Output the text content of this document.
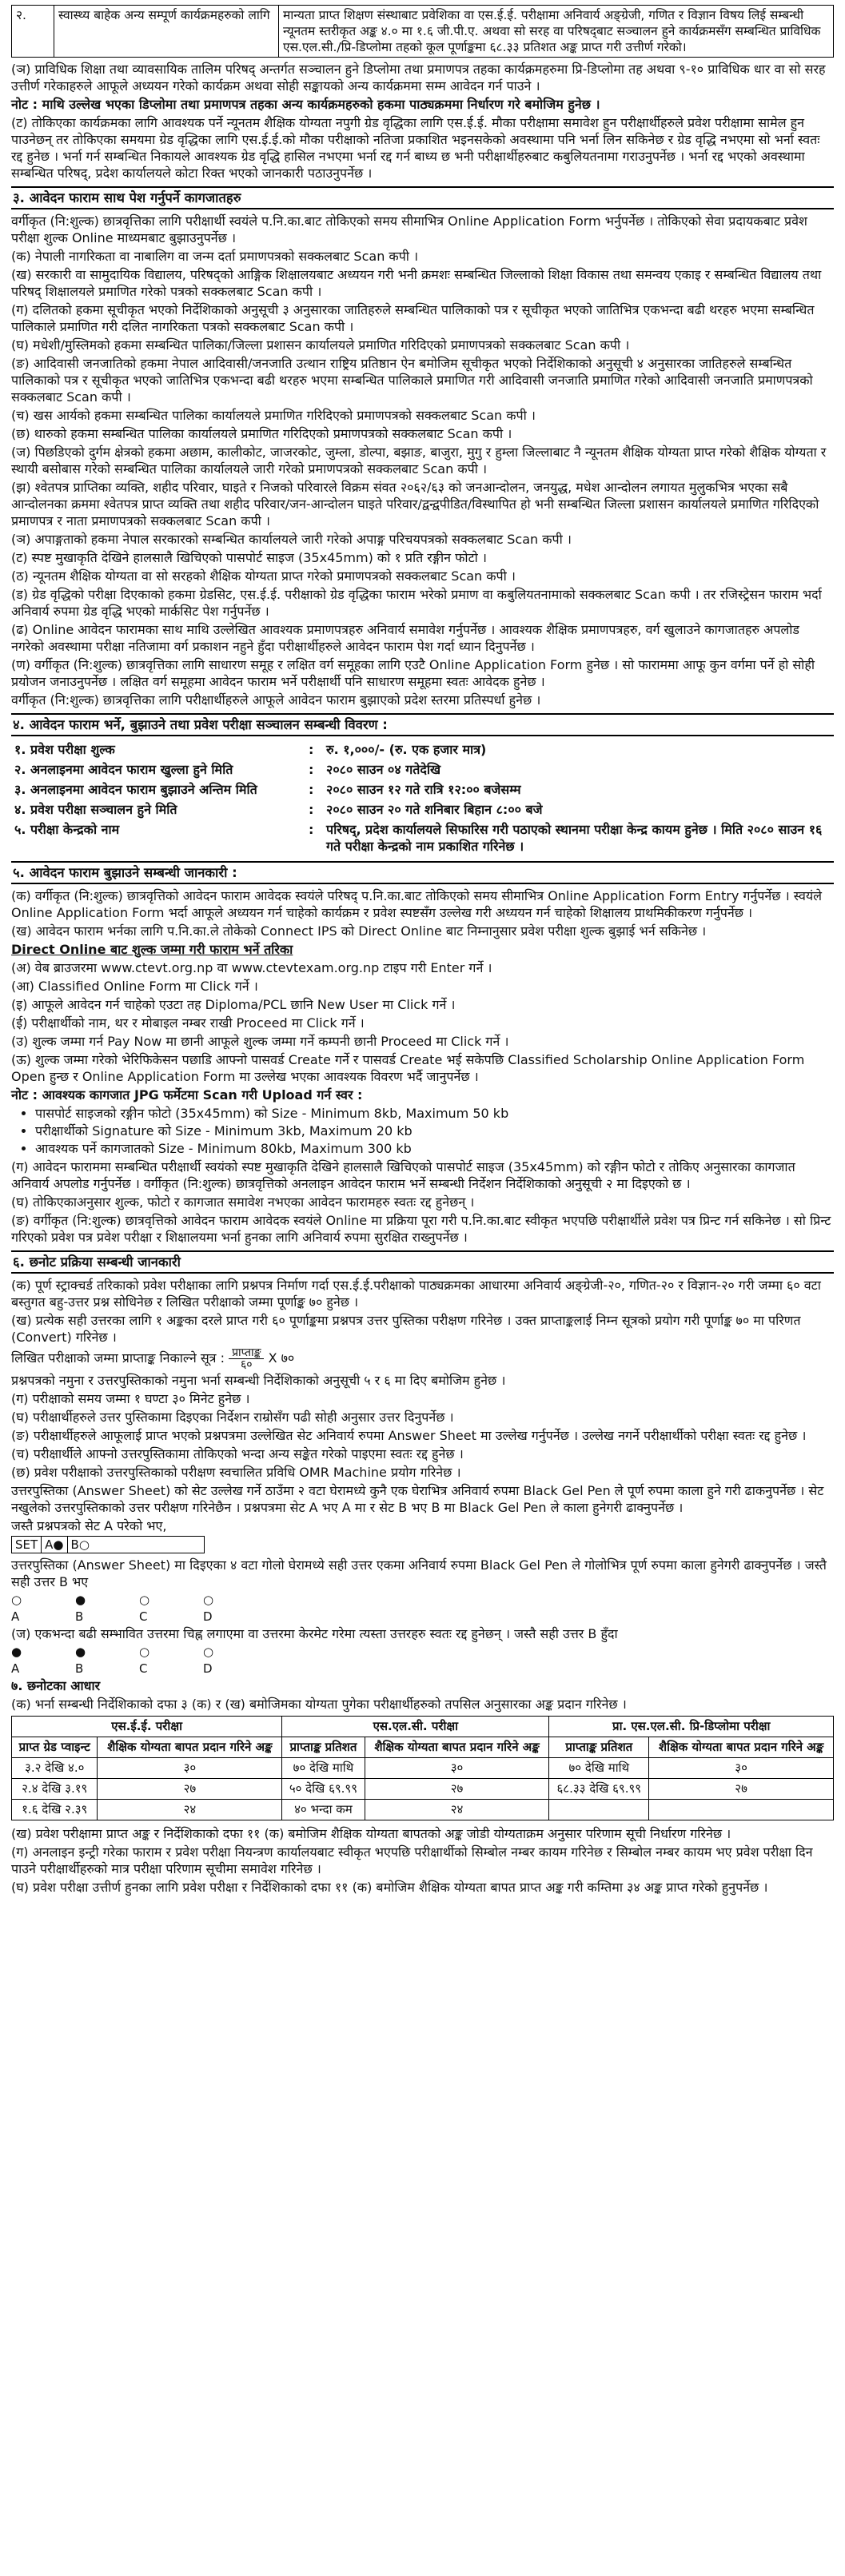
२.	स्वास्थ्य बाहेक अन्य सम्पूर्ण कार्यक्रमहरुको लागि	मान्यता प्राप्त शिक्षण संस्थाबाट प्रवेशिका वा एस.ई.ई. परीक्षामा अनिवार्य अङ्ग्रेजी, गणित र विज्ञान विषय लिई सम्बन्धी न्यूनतम स्तरीकृत अङ्क ४.० मा १.६ जी.पी.ए. अथवा सो सरह वा परिषद्‌बाट सञ्चालन हुने कार्यक्रमसँग सम्बन्धित प्राविधिक एस.एल.सी./प्रि-डिप्लोमा तहको कूल पूर्णाङ्कमा ६८.३३ प्रतिशत अङ्क प्राप्त गरी उत्तीर्ण गरेको।

(ञ) प्राविधिक शिक्षा तथा व्यावसायिक तालिम परिषद् अन्तर्गत सञ्चालन हुने डिप्लोमा तथा प्रमाणपत्र तहका कार्यक्रमहरुमा प्रि-डिप्लोमा तह अथवा ९-१० प्राविधिक धार वा सो सरह उत्तीर्ण गरेकाहरुले आफूले अध्ययन गरेको कार्यक्रम अथवा सोही सङ्कायको अन्य कार्यक्रममा सम्म आवेदन गर्न पाउने ।

नोट : माथि उल्लेख भएका डिप्लोमा तथा प्रमाणपत्र तहका अन्य कार्यक्रमहरुको हकमा पाठ्यक्रममा निर्धारण गरे बमोजिम हुनेछ ।

(ट) तोकिएका कार्यक्रमका लागि आवश्यक पर्ने न्यूनतम शैक्षिक योग्यता नपुगी ग्रेड वृद्धिका लागि एस.ई.ई. मौका परीक्षामा समावेश हुन परीक्षार्थीहरुले प्रवेश परीक्षामा सामेल हुन पाउनेछन् तर तोकिएका समयमा ग्रेड वृद्धिका लागि एस.ई.ई.को मौका परीक्षाको नतिजा प्रकाशित भइनसकेको अवस्थामा पनि भर्ना लिन सकिनेछ र ग्रेड वृद्धि नभएमा सो भर्ना स्वतः रद्द हुनेछ । भर्ना गर्न सम्बन्धित निकायले आवश्यक ग्रेड वृद्धि हासिल नभएमा भर्ना रद्द गर्न बाध्य छ भनी परीक्षार्थीहरुबाट कबुलियतनामा गराउनुपर्नेछ । भर्ना रद्द भएको अवस्थामा सम्बन्धित परिषद्, प्रदेश कार्यालयले कोटा रिक्त भएको जानकारी पठाउनुपर्नेछ ।

३. आवेदन फाराम साथ पेश गर्नुपर्ने कागजातहरु

वर्गीकृत (नि:शुल्क) छात्रवृत्तिका लागि परीक्षार्थी स्वयंले प.नि.का.बाट तोकिएको समय सीमाभित्र Online Application Form भर्नुपर्नेछ । तोकिएको सेवा प्रदायकबाट प्रवेश परीक्षा शुल्क Online माध्यमबाट बुझाउनुपर्नेछ ।

(क) नेपाली नागरिकता वा नाबालिग वा जन्म दर्ता प्रमाणपत्रको सक्कलबाट Scan कपी ।

(ख) सरकारी वा सामुदायिक विद्यालय, परिषद्को आङ्गिक शिक्षालयबाट अध्ययन गरी भनी क्रमशः सम्बन्धित जिल्लाको शिक्षा विकास तथा समन्वय एकाइ र सम्बन्धित विद्यालय तथा परिषद् शिक्षालयले प्रमाणित गरेको पत्रको सक्कलबाट Scan कपी ।

(ग) दलितको हकमा सूचीकृत भएको निर्देशिकाको अनुसूची ३ अनुसारका जातिहरुले सम्बन्धित पालिकाको पत्र र सूचीकृत भएको जातिभित्र एकभन्दा बढी थरहरु भएमा सम्बन्धित पालिकाले प्रमाणित गरी दलित नागरिकता पत्रको सक्कलबाट Scan कपी ।

(घ) मधेशी/मुस्लिमको हकमा सम्बन्धित पालिका/जिल्ला प्रशासन कार्यालयले प्रमाणित गरिदिएको प्रमाणपत्रको सक्कलबाट Scan कपी ।

(ङ) आदिवासी जनजातिको हकमा नेपाल आदिवासी/जनजाति उत्थान राष्ट्रिय प्रतिष्ठान ऐन बमोजिम सूचीकृत भएको निर्देशिकाको अनुसूची ४ अनुसारका जातिहरुले सम्बन्धित पालिकाको पत्र र सूचीकृत भएको जातिभित्र एकभन्दा बढी थरहरु भएमा सम्बन्धित पालिकाले प्रमाणित गरी आदिवासी जनजाति प्रमाणित गरेको आदिवासी जनजाति प्रमाणपत्रको सक्कलबाट Scan कपी ।

(च) खस आर्यको हकमा सम्बन्धित पालिका कार्यालयले प्रमाणित गरिदिएको प्रमाणपत्रको सक्कलबाट Scan कपी ।

(छ) थारुको हकमा सम्बन्धित पालिका कार्यालयले प्रमाणित गरिदिएको प्रमाणपत्रको सक्कलबाट Scan कपी ।

(ज) पिछडिएको दुर्गम क्षेत्रको हकमा अछाम, कालीकोट, जाजरकोट, जुम्ला, डोल्पा, बझाङ, बाजुरा, मुगु र हुम्ला जिल्लाबाट नै न्यूनतम शैक्षिक योग्यता प्राप्त गरेको शैक्षिक योग्यता र स्थायी बसोबास गरेको सम्बन्धित पालिका कार्यालयले जारी गरेको प्रमाणपत्रको सक्कलबाट Scan कपी ।

(झ) श्वेतपत्र प्राप्तिका व्यक्ति, शहीद परिवार, घाइते र निजको परिवारले विक्रम संवत २०६२/६३ को जनआन्दोलन, जनयुद्ध, मधेश आन्दोलन लगायत मुलुकभित्र भएका सबै आन्दोलनका क्रममा श्वेतपत्र प्राप्त व्यक्ति तथा शहीद परिवार/जन-आन्दोलन घाइते परिवार/द्वन्द्वपीडित/विस्थापित हो भनी सम्बन्धित जिल्ला प्रशासन कार्यालयले प्रमाणित गरिदिएको प्रमाणपत्र र नाता प्रमाणपत्रको सक्कलबाट Scan कपी ।

(ञ) अपाङ्गताको हकमा नेपाल सरकारको सम्बन्धित कार्यालयले जारी गरेको अपाङ्ग परिचयपत्रको सक्कलबाट Scan कपी ।

(ट) स्पष्ट मुखाकृति देखिने हालसालै खिचिएको पासपोर्ट साइज (35x45mm) को १ प्रति रङ्गीन फोटो ।

(ठ) न्यूनतम शैक्षिक योग्यता वा सो सरहको शैक्षिक योग्यता प्राप्त गरेको प्रमाणपत्रको सक्कलबाट Scan कपी ।

(ड) ग्रेड वृद्धिको परीक्षा दिएकाको हकमा ग्रेडसिट, एस.ई.ई. परीक्षाको ग्रेड वृद्धिका फाराम भरेको प्रमाण वा कबुलियतनामाको सक्कलबाट Scan कपी । तर रजिस्ट्रेसन फाराम भर्दा अनिवार्य रुपमा ग्रेड वृद्धि भएको मार्कसिट पेश गर्नुपर्नेछ ।

(ढ) Online आवेदन फारामका साथ माथि उल्लेखित आवश्यक प्रमाणपत्रहरु अनिवार्य समावेश गर्नुपर्नेछ । आवश्यक शैक्षिक प्रमाणपत्रहरु, वर्ग खुलाउने कागजातहरु अपलोड नगरेको अवस्थामा परीक्षा नतिजामा वर्ग प्रकाशन नहुने हुँदा परीक्षार्थीहरुले आवेदन फाराम पेश गर्दा ध्यान दिनुपर्नेछ ।

(ण) वर्गीकृत (नि:शुल्क) छात्रवृत्तिका लागि साधारण समूह र लक्षित वर्ग समूहका लागि एउटै Online Application Form हुनेछ । सो फाराममा आफू कुन वर्गमा पर्ने हो सोही प्रयोजन जनाउनुपर्नेछ । लक्षित वर्ग समूहमा आवेदन फाराम भर्ने परीक्षार्थी पनि साधारण समूहमा स्वतः आवेदक हुनेछ ।

वर्गीकृत (नि:शुल्क) छात्रवृत्तिका लागि परीक्षार्थीहरुले आफूले आवेदन फाराम बुझाएको प्रदेश स्तरमा प्रतिस्पर्धा हुनेछ ।

४. आवेदन फाराम भर्ने, बुझाउने तथा प्रवेश परीक्षा सञ्चालन सम्बन्धी विवरण :
१. प्रवेश परीक्षा शुल्क	:	रु. १,०००/- (रु. एक हजार मात्र)
२. अनलाइनमा आवेदन फाराम खुल्ला हुने मिति	:	२०८० साउन ०४ गतेदेखि
३. अनलाइनमा आवेदन फाराम बुझाउने अन्तिम मिति	:	२०८० साउन १२ गते रात्रि १२:०० बजेसम्म
४. प्रवेश परीक्षा सञ्चालन हुने मिति	:	२०८० साउन २० गते शनिबार बिहान ८:०० बजे
५. परीक्षा केन्द्रको नाम	:	परिषद्, प्रदेश कार्यालयले सिफारिस गरी पठाएको स्थानमा परीक्षा केन्द्र कायम हुनेछ । मिति २०८० साउन १६ गते परीक्षा केन्द्रको नाम प्रकाशित गरिनेछ ।
५. आवेदन फाराम बुझाउने सम्बन्धी जानकारी :

(क) वर्गीकृत (नि:शुल्क) छात्रवृत्तिको आवेदन फाराम आवेदक स्वयंले परिषद् प.नि.का.बाट तोकिएको समय सीमाभित्र Online Application Form Entry गर्नुपर्नेछ । स्वयंले Online Application Form भर्दा आफूले अध्ययन गर्न चाहेको कार्यक्रम र प्रवेश स्पष्टसँग उल्लेख गरी अध्ययन गर्न चाहेको शिक्षालय प्राथमिकीकरण गर्नुपर्नेछ ।

(ख) आवेदन फाराम भर्नका लागि प.नि.का.ले तोकेको Connect IPS को Direct Online बाट निम्नानुसार प्रवेश परीक्षा शुल्क बुझाई भर्न सकिनेछ ।

Direct Online बाट शुल्क जम्मा गरी फाराम भर्ने तरिका

(अ) वेब ब्राउजरमा www.ctevt.org.np वा www.ctevtexam.org.np टाइप गरी Enter गर्ने ।

(आ) Classified Online Form मा Click गर्ने ।

(इ) आफूले आवेदन गर्न चाहेको एउटा तह Diploma/PCL छानि New User मा Click गर्ने ।

(ई) परीक्षार्थीको नाम, थर र मोबाइल नम्बर राखी Proceed मा Click गर्ने ।

(उ) शुल्क जम्मा गर्न Pay Now मा छानी आफूले शुल्क जम्मा गर्ने कम्पनी छानी Proceed मा Click गर्ने ।

(ऊ) शुल्क जम्मा गरेको भेरिफिकेसन पछाडि आफ्नो पासवर्ड Create गर्ने र पासवर्ड Create भई सकेपछि Classified Scholarship Online Application Form Open हुन्छ र Online Application Form मा उल्लेख भएका आवश्यक विवरण भर्दै जानुपर्नेछ ।

नोट : आवश्यक कागजात JPG फर्मेटमा Scan गरी Upload गर्न स्‍वर :

• पासपोर्ट साइजको रङ्गीन फोटो (35x45mm) को Size - Minimum 8kb, Maximum 50 kb
• परीक्षार्थीको Signature को Size - Minimum 3kb, Maximum 20 kb
• आवश्यक पर्ने कागजातको Size - Minimum 80kb, Maximum 300 kb

(ग) आवेदन फाराममा सम्बन्धित परीक्षार्थी स्वयंको स्पष्ट मुखाकृति देखिने हालसालै खिचिएको पासपोर्ट साइज (35x45mm) को रङ्गीन फोटो र तोकिए अनुसारका कागजात अनिवार्य अपलोड गर्नुपर्नेछ । वर्गीकृत (नि:शुल्क) छात्रवृत्तिको अनलाइन आवेदन फाराम भर्ने सम्बन्धी निर्देशन निर्देशिकाको अनुसूची २ मा दिइएको छ ।

(घ) तोकिएकाअनुसार शुल्क, फोटो र कागजात समावेश नभएका आवेदन फारामहरु स्वतः रद्द हुनेछन् ।

(ङ) वर्गीकृत (नि:शुल्क) छात्रवृत्तिको आवेदन फाराम आवेदक स्वयंले Online मा प्रक्रिया पूरा गरी प.नि.का.बाट स्वीकृत भएपछि परीक्षार्थीले प्रवेश पत्र प्रिन्ट गर्न सकिनेछ । सो प्रिन्ट गरिएको प्रवेश पत्र प्रवेश परीक्षा र शिक्षालयमा भर्ना हुनका लागि अनिवार्य रुपमा सुरक्षित राख्नुपर्नेछ ।

६. छनोट प्रक्रिया सम्बन्धी जानकारी

(क) पूर्ण स्ट्राक्चर्ड तरिकाको प्रवेश परीक्षाका लागि प्रश्नपत्र निर्माण गर्दा एस.ई.ई.परीक्षाको पाठ्यक्रमका आधारमा अनिवार्य अङ्ग्रेजी-२०, गणित-२० र विज्ञान-२० गरी जम्मा ६० वटा बस्तुगत बहु-उत्तर प्रश्न सोधिनेछ र लिखित परीक्षाको जम्मा पूर्णाङ्क ७० हुनेछ ।

(ख) प्रत्येक सही उत्तरका लागि १ अङ्कका दरले प्राप्त गरी ६० पूर्णाङ्कमा प्रश्नपत्र उत्तर पुस्तिका परीक्षण गरिनेछ । उक्त प्राप्ताङ्कलाई निम्न सूत्रको प्रयोग गरी पूर्णाङ्क ७० मा परिणत (Convert) गरिनेछ ।

लिखित परीक्षाको जम्मा प्राप्ताङ्क निकाल्ने सूत्र : $\frac{\text{प्राप्ताङ्क}}{६०}$ X ७०

प्रश्नपत्रको नमुना र उत्तरपुस्तिकाको नमुना भर्ना सम्बन्धी निर्देशिकाको अनुसूची ५ र ६ मा दिए बमोजिम हुनेछ ।

(ग) परीक्षाको समय जम्मा १ घण्टा ३० मिनेट हुनेछ ।

(घ) परीक्षार्थीहरुले उत्तर पुस्तिकामा दिइएका निर्देशन राम्रोसँग पढी सोही अनुसार उत्तर दिनुपर्नेछ ।

(ङ) परीक्षार्थीहरुले आफूलाई प्राप्त भएको प्रश्नपत्रमा उल्लेखित सेट अनिवार्य रुपमा Answer Sheet मा उल्लेख गर्नुपर्नेछ । उल्लेख नगर्ने परीक्षार्थीको परीक्षा स्वतः रद्द हुनेछ ।

(च) परीक्षार्थीले आफ्नो उत्तरपुस्तिकामा तोकिएको भन्दा अन्य सङ्केत गरेको पाइएमा स्वतः रद्द हुनेछ ।

(छ) प्रवेश परीक्षाको उत्तरपुस्तिकाको परीक्षण स्वचालित प्रविधि OMR Machine प्रयोग गरिनेछ ।

उत्तरपुस्तिका (Answer Sheet) को सेट उल्लेख गर्ने ठाउँमा २ वटा घेरामध्ये कुनै एक घेराभित्र अनिवार्य रुपमा Black Gel Pen ले पूर्ण रुपमा काला हुने गरी ढाकनुपर्नेछ । सेट नखुलेको उत्तरपुस्तिकाको उत्तर परीक्षण गरिनेछैन । प्रश्नपत्रमा सेट A भए A मा र सेट B भए B मा Black Gel Pen ले काला हुनेगरी ढाक्नुपर्नेछ ।

जस्तै प्रश्नपत्रको सेट A परेको भए,

SET A● B○

उत्तरपुस्तिका (Answer Sheet) मा दिइएका ४ वटा गोलो घेरामध्ये सही उत्तर एकमा अनिवार्य रुपमा Black Gel Pen ले गोलोभित्र पूर्ण रुपमा काला हुनेगरी ढाक्नुपर्नेछ । जस्तै सही उत्तर B भए

○	●	○	○
A	B	C	D

(ज) एकभन्दा बढी सम्भावित उत्तरमा चिह्न लगाएमा वा उत्तरमा केरमेट गरेमा त्यस्ता उत्तरहरु स्वतः रद्द हुनेछन् । जस्तै सही उत्तर B हुँदा

●	●	○	○
A	B	C	D

७. छनोटका आधार

(क) भर्ना सम्बन्धी निर्देशिकाको दफा ३ (क) र (ख) बमोजिमका योग्यता पुगेका परीक्षार्थीहरुको तपसिल अनुसारका अङ्क प्रदान गरिनेछ ।

एस.ई.ई. परीक्षा		एस.एल.सी. परीक्षा		प्रा. एस.एल.सी. प्रि-डिप्लोमा परीक्षा	
प्राप्त ग्रेड प्वाइन्ट	शैक्षिक योग्यता बापत प्रदान गरिने अङ्क	प्राप्ताङ्क प्रतिशत	शैक्षिक योग्यता बापत प्रदान गरिने अङ्क	प्राप्ताङ्क प्रतिशत	शैक्षिक योग्यता बापत प्रदान गरिने अङ्क
३.२ देखि ४.०	३०	७० देखि माथि	३०	७० देखि माथि	३०
२.४ देखि ३.१९	२७	५० देखि ६९.९९	२७	६८.३३ देखि ६९.९९	२७
१.६ देखि २.३९	२४	४० भन्दा कम	२४		

(ख) प्रवेश परीक्षामा प्राप्त अङ्क र निर्देशिकाको दफा ११ (क) बमोजिम शैक्षिक योग्यता बापतको अङ्क जोडी योग्यताक्रम अनुसार परिणाम सूची निर्धारण गरिनेछ ।

(ग) अनलाइन इन्ट्री गरेका फाराम र प्रवेश परीक्षा नियन्त्रण कार्यालयबाट स्वीकृत भएपछि परीक्षार्थीको सिम्बोल नम्बर कायम गरिनेछ र सिम्बोल नम्बर कायम भए प्रवेश परीक्षा दिन पाउने परीक्षार्थीहरुको मात्र परीक्षा परिणाम सूचीमा समावेश गरिनेछ ।

(घ) प्रवेश परीक्षा उत्तीर्ण हुनका लागि प्रवेश परीक्षा र निर्देशिकाको दफा ११ (क) बमोजिम शैक्षिक योग्यता बापत प्राप्त अङ्क गरी कम्तिमा ३४ अङ्क प्राप्त गरेको हुनुपर्नेछ ।
